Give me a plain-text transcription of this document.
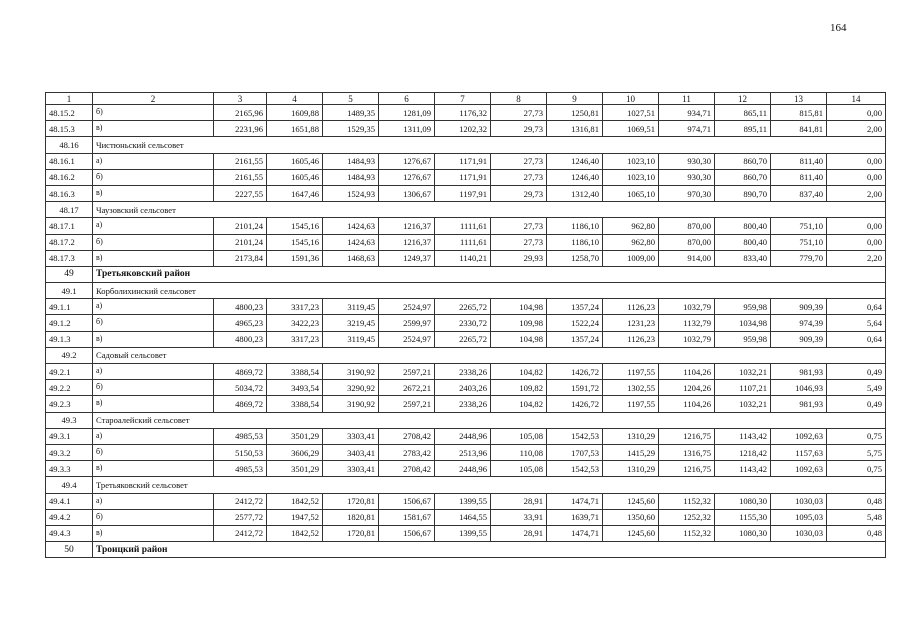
164
1	2	3	4	5	6	7	8	9	10	11	12	13	14
48.15.2	б)	2165,96	1609,88	1489,35	1281,09	1176,32	27,73	1250,81	1027,51	934,71	865,11	815,81	0,00
48.15.3	в)	2231,96	1651,88	1529,35	1311,09	1202,32	29,73	1316,81	1069,51	974,71	895,11	841,81	2,00
48.16	Чистюньский сельсовет												
48.16.1	а)	2161,55	1605,46	1484,93	1276,67	1171,91	27,73	1246,40	1023,10	930,30	860,70	811,40	0,00
48.16.2	б)	2161,55	1605,46	1484,93	1276,67	1171,91	27,73	1246,40	1023,10	930,30	860,70	811,40	0,00
48.16.3	в)	2227,55	1647,46	1524,93	1306,67	1197,91	29,73	1312,40	1065,10	970,30	890,70	837,40	2,00
48.17	Чаузовский сельсовет												
48.17.1	а)	2101,24	1545,16	1424,63	1216,37	1111,61	27,73	1186,10	962,80	870,00	800,40	751,10	0,00
48.17.2	б)	2101,24	1545,16	1424,63	1216,37	1111,61	27,73	1186,10	962,80	870,00	800,40	751,10	0,00
48.17.3	в)	2173,84	1591,36	1468,63	1249,37	1140,21	29,93	1258,70	1009,00	914,00	833,40	779,70	2,20
49	Третьяковский район												
49.1	Корболихинский сельсовет												
49.1.1	а)	4800,23	3317,23	3119,45	2524,97	2265,72	104,98	1357,24	1126,23	1032,79	959,98	909,39	0,64
49.1.2	б)	4965,23	3422,23	3219,45	2599,97	2330,72	109,98	1522,24	1231,23	1132,79	1034,98	974,39	5,64
49.1.3	в)	4800,23	3317,23	3119,45	2524,97	2265,72	104,98	1357,24	1126,23	1032,79	959,98	909,39	0,64
49.2	Садовый сельсовет												
49.2.1	а)	4869,72	3388,54	3190,92	2597,21	2338,26	104,82	1426,72	1197,55	1104,26	1032,21	981,93	0,49
49.2.2	б)	5034,72	3493,54	3290,92	2672,21	2403,26	109,82	1591,72	1302,55	1204,26	1107,21	1046,93	5,49
49.2.3	в)	4869,72	3388,54	3190,92	2597,21	2338,26	104,82	1426,72	1197,55	1104,26	1032,21	981,93	0,49
49.3	Староалейский сельсовет												
49.3.1	а)	4985,53	3501,29	3303,41	2708,42	2448,96	105,08	1542,53	1310,29	1216,75	1143,42	1092,63	0,75
49.3.2	б)	5150,53	3606,29	3403,41	2783,42	2513,96	110,08	1707,53	1415,29	1316,75	1218,42	1157,63	5,75
49.3.3	в)	4985,53	3501,29	3303,41	2708,42	2448,96	105,08	1542,53	1310,29	1216,75	1143,42	1092,63	0,75
49.4	Третьяковский сельсовет												
49.4.1	а)	2412,72	1842,52	1720,81	1506,67	1399,55	28,91	1474,71	1245,60	1152,32	1080,30	1030,03	0,48
49.4.2	б)	2577,72	1947,52	1820,81	1581,67	1464,55	33,91	1639,71	1350,60	1252,32	1155,30	1095,03	5,48
49.4.3	в)	2412,72	1842,52	1720,81	1506,67	1399,55	28,91	1474,71	1245,60	1152,32	1080,30	1030,03	0,48
50	Троицкий район												
